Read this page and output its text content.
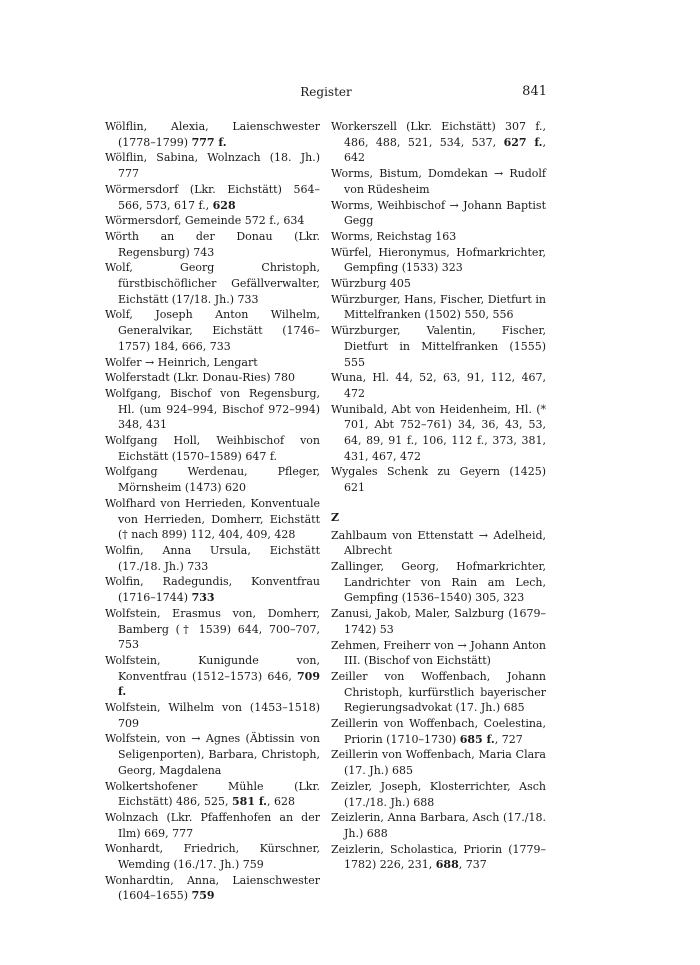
Register	841

Wölflin, Alexia, Laienschwester (1778–1799) 777 f.

Wölflin, Sabina, Wolnzach (18. Jh.) 777

Wörmersdorf (Lkr. Eichstätt) 564–566, 573, 617 f., 628

Wörmersdorf, Gemeinde 572 f., 634

Wörth an der Donau (Lkr. Regensburg) 743

Wolf, Georg Christoph, fürstbischöflicher Gefällverwalter, Eichstätt (17/18. Jh.) 733

Wolf, Joseph Anton Wilhelm, Generalvikar, Eichstätt (1746–1757) 184, 666, 733

Wolfer → Heinrich, Lengart

Wolferstadt (Lkr. Donau-Ries) 780

Wolfgang, Bischof von Regensburg, Hl. (um 924–994, Bischof 972–994) 348, 431

Wolfgang Holl, Weihbischof von Eichstätt (1570–1589) 647 f.

Wolfgang Werdenau, Pfleger, Mörnsheim (1473) 620

Wolfhard von Herrieden, Konventuale von Herrieden, Domherr, Eichstätt († nach 899) 112, 404, 409, 428

Wolfin, Anna Ursula, Eichstätt (17./18. Jh.) 733

Wolfin, Radegundis, Konventfrau (1716–1744) 733

Wolfstein, Erasmus von, Domherr, Bamberg († 1539) 644, 700–707, 753

Wolfstein, Kunigunde von, Konventfrau (1512–1573) 646, 709 f.

Wolfstein, Wilhelm von (1453–1518) 709

Wolfstein, von → Agnes (Äbtissin von Seligenporten), Barbara, Christoph, Georg, Magdalena

Wolkertshofener Mühle (Lkr. Eichstätt) 486, 525, 581 f., 628

Wolnzach (Lkr. Pfaffenhofen an der Ilm) 669, 777

Wonhardt, Friedrich, Kürschner, Wemding (16./17. Jh.) 759

Wonhardtin, Anna, Laienschwester (1604–1655) 759

Workerszell (Lkr. Eichstätt) 307 f., 486, 488, 521, 534, 537, 627 f., 642

Worms, Bistum, Domdekan → Rudolf von Rüdesheim

Worms, Weihbischof → Johann Baptist Gegg

Worms, Reichstag 163

Würfel, Hieronymus, Hofmarkrichter, Gempfing (1533) 323

Würzburg 405

Würzburger, Hans, Fischer, Dietfurt in Mittelfranken (1502) 550, 556

Würzburger, Valentin, Fischer, Dietfurt in Mittelfranken (1555) 555

Wuna, Hl. 44, 52, 63, 91, 112, 467, 472

Wunibald, Abt von Heidenheim, Hl. (* 701, Abt 752–761) 34, 36, 43, 53, 64, 89, 91 f., 106, 112 f., 373, 381, 431, 467, 472

Wygales Schenk zu Geyern (1425) 621

Z

Zahlbaum von Ettenstatt → Adelheid, Albrecht

Zallinger, Georg, Hofmarkrichter, Landrichter von Rain am Lech, Gempfing (1536–1540) 305, 323

Zanusi, Jakob, Maler, Salzburg (1679–1742) 53

Zehmen, Freiherr von → Johann Anton III. (Bischof von Eichstätt)

Zeiller von Woffenbach, Johann Christoph, kurfürstlich bayerischer Regierungsadvokat (17. Jh.) 685

Zeillerin von Woffenbach, Coelestina, Priorin (1710–1730) 685 f., 727

Zeillerin von Woffenbach, Maria Clara (17. Jh.) 685

Zeizler, Joseph, Klosterrichter, Asch (17./18. Jh.) 688

Zeizlerin, Anna Barbara, Asch (17./18. Jh.) 688

Zeizlerin, Scholastica, Priorin (1779–1782) 226, 231, 688, 737
